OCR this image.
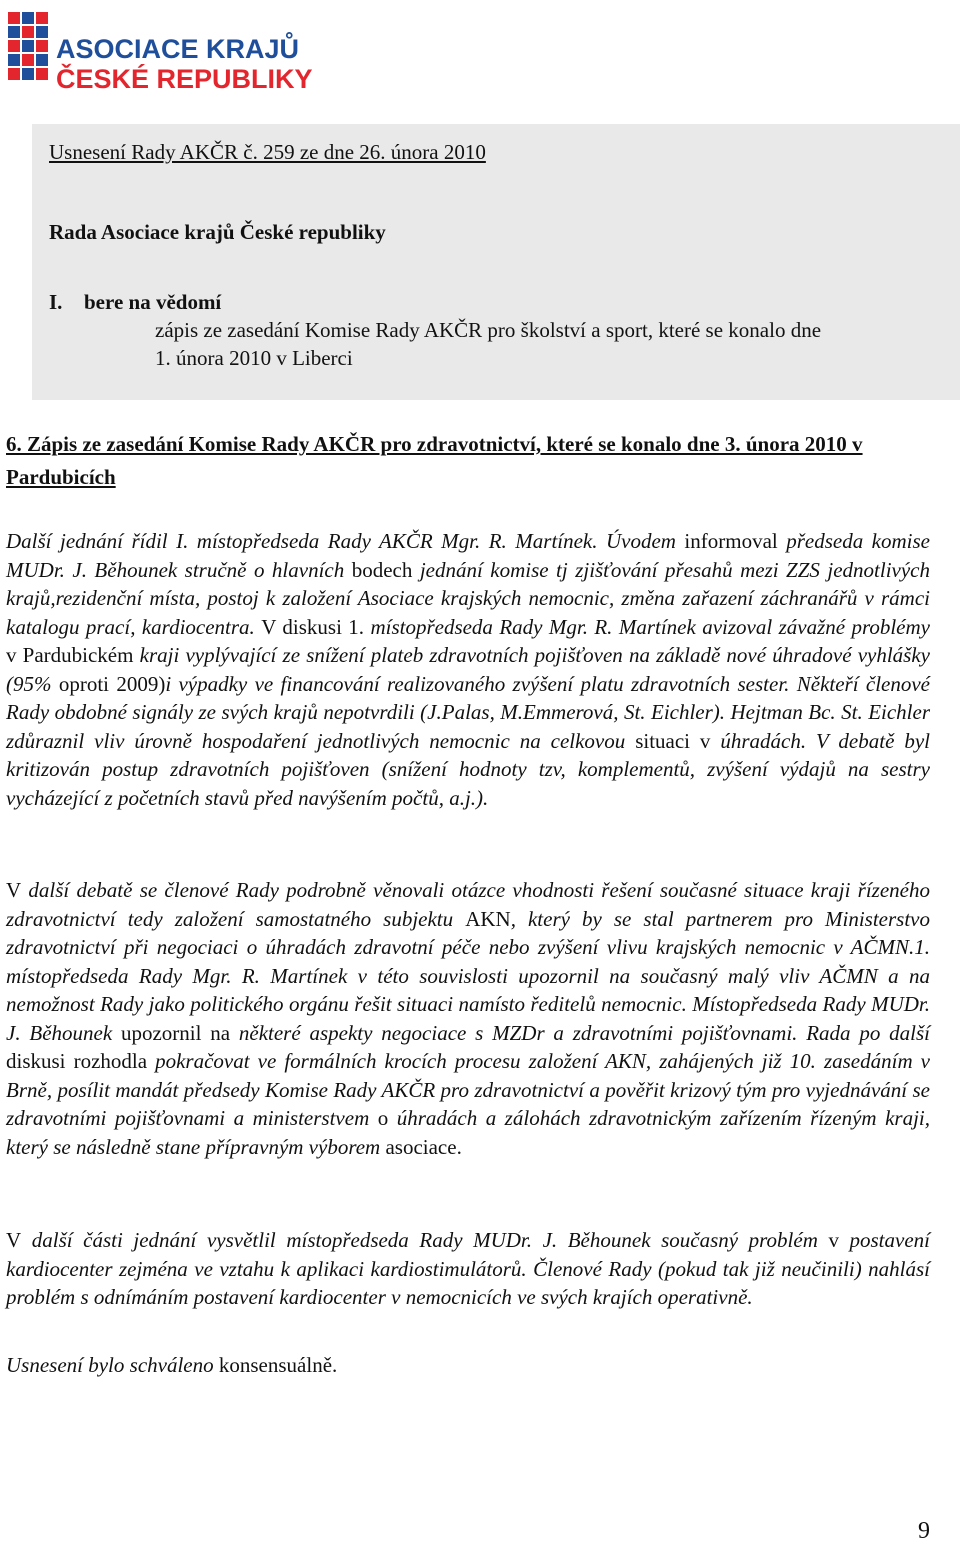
ASOCIACE KRAJŮ
ČESKÉ REPUBLIKY
Usnesení Rady AKČR č. 259 ze dne 26. února 2010
Rada Asociace krajů České republiky
I. bere na vědomí
zápis ze zasedání Komise Rady AKČR pro školství a sport, které se konalo dne
1. února 2010 v Liberci
6. Zápis ze zasedání Komise Rady AKČR pro zdravotnictví, které se konalo dne 3. února 2010 v Pardubicích
Další jednání řídil I. místopředseda Rady AKČR Mgr. R. Martínek. Úvodem informoval předseda komise MUDr. J. Běhounek stručně o hlavních bodech jednání komise tj zjišťování přesahů mezi ZZS jednotlivých krajů,rezidenční místa, postoj k založení Asociace krajských nemocnic, změna zařazení záchranářů v rámci katalogu prací, kardiocentra. V diskusi 1. místopředseda Rady Mgr. R. Martínek avizoval závažné problémy v Pardubickém kraji vyplývající ze snížení plateb zdravotních pojišťoven na základě nové úhradové vyhlášky (95% oproti 2009)i výpadky ve financování realizovaného zvýšení platu zdravotních sester. Někteří členové Rady obdobné signály ze svých krajů nepotvrdili (J.Palas, M.Emmerová, St. Eichler). Hejtman Bc. St. Eichler zdůraznil vliv úrovně hospodaření jednotlivých nemocnic na celkovou situaci v úhradách. V debatě byl kritizován postup zdravotních pojišťoven (snížení hodnoty tzv, komplementů, zvýšení výdajů na sestry vycházející z početních stavů před navýšením počtů, a.j.).
V další debatě se členové Rady podrobně věnovali otázce vhodnosti řešení současné situace kraji řízeného zdravotnictví tedy založení samostatného subjektu AKN, který by se stal partnerem pro Ministerstvo zdravotnictví při negociaci o úhradách zdravotní péče nebo zvýšení vlivu krajských nemocnic v AČMN.1. místopředseda Rady Mgr. R. Martínek v této souvislosti upozornil na současný malý vliv AČMN a na nemožnost Rady jako politického orgánu řešit situaci namísto ředitelů nemocnic. Místopředseda Rady MUDr. J. Běhounek upozornil na některé aspekty negociace s MZDr a zdravotními pojišťovnami. Rada po další diskusi rozhodla pokračovat ve formálních krocích procesu založení AKN, zahájených již 10. zasedáním v Brně, posílit mandát předsedy Komise Rady AKČR pro zdravotnictví a pověřit krizový tým pro vyjednávání se zdravotními pojišťovnami a ministerstvem o úhradách a zálohách zdravotnickým zařízením řízeným kraji, který se následně stane přípravným výborem asociace.
V další části jednání vysvětlil místopředseda Rady MUDr. J. Běhounek současný problém v postavení kardiocenter zejména ve vztahu k aplikaci kardiostimulátorů. Členové Rady (pokud tak již neučinili) nahlásí problém s odnímáním postavení kardiocenter v nemocnicích ve svých krajích operativně.
Usnesení bylo schváleno konsensuálně.
9
